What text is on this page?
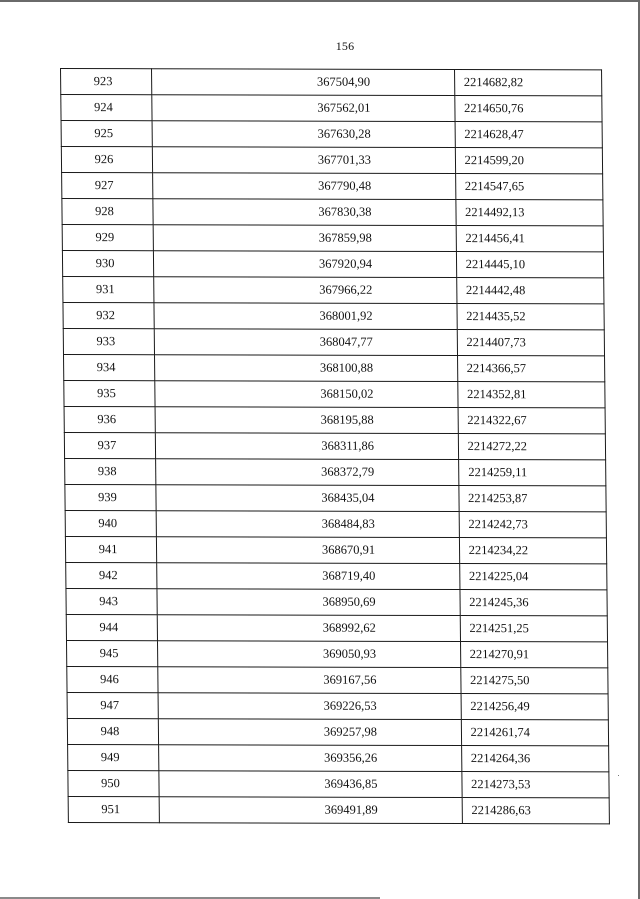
156
923	367504,90	2214682,82
924	367562,01	2214650,76
925	367630,28	2214628,47
926	367701,33	2214599,20
927	367790,48	2214547,65
928	367830,38	2214492,13
929	367859,98	2214456,41
930	367920,94	2214445,10
931	367966,22	2214442,48
932	368001,92	2214435,52
933	368047,77	2214407,73
934	368100,88	2214366,57
935	368150,02	2214352,81
936	368195,88	2214322,67
937	368311,86	2214272,22
938	368372,79	2214259,11
939	368435,04	2214253,87
940	368484,83	2214242,73
941	368670,91	2214234,22
942	368719,40	2214225,04
943	368950,69	2214245,36
944	368992,62	2214251,25
945	369050,93	2214270,91
946	369167,56	2214275,50
947	369226,53	2214256,49
948	369257,98	2214261,74
949	369356,26	2214264,36
950	369436,85	2214273,53
951	369491,89	2214286,63
